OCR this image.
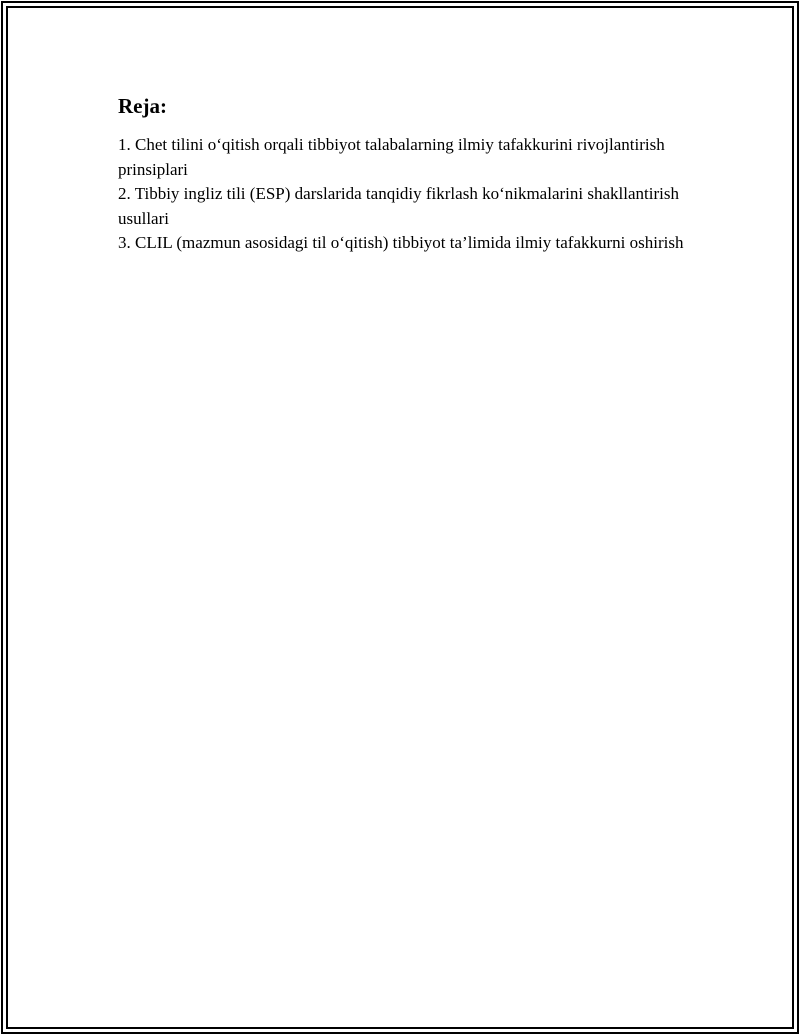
Reja:
1. Chet tilini o‘qitish orqali tibbiyot talabalarning ilmiy tafakkurini rivojlantirish prinsiplari
2. Tibbiy ingliz tili (ESP) darslarida tanqidiy fikrlash ko‘nikmalarini shakllantirish usullari
3. CLIL (mazmun asosidagi til o‘qitish) tibbiyot ta’limida ilmiy tafakkurni oshirish
